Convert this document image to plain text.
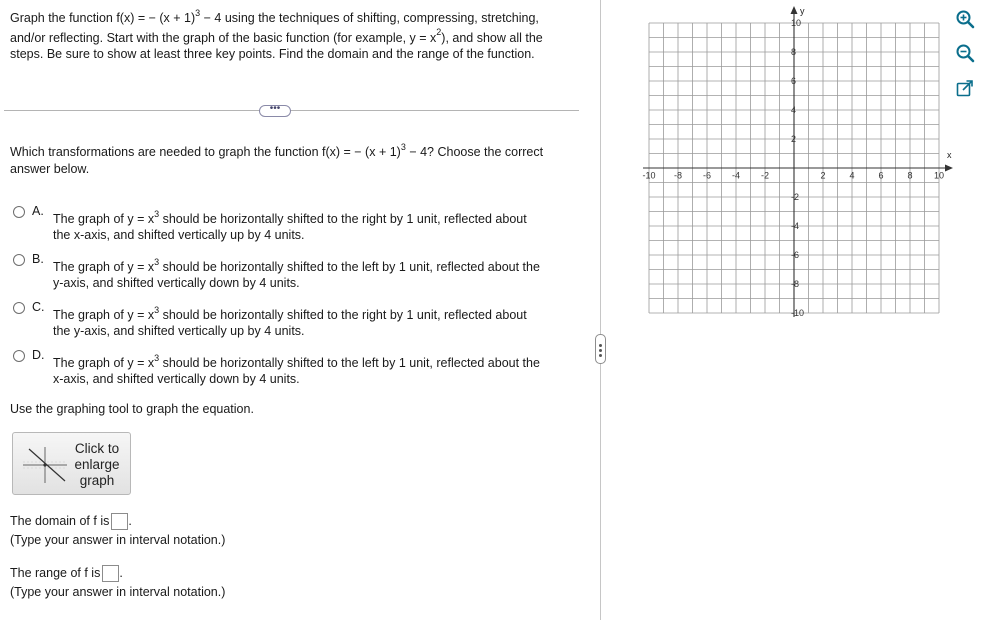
Graph the function f(x) = − $(x + 1)^3 - 4$ using the techniques of shifting, compressing, stretching,

and/or reflecting. Start with the graph of the basic function (for example, $y = x^2$), and show all the

steps. Be sure to show at least three key points. Find the domain and the range of the function.

•••

Which transformations are needed to graph the function f(x) = − $(x + 1)^3 - 4$? Choose the correct

answer below.

A.

The graph of $y = x^3$ should be horizontally shifted to the right by 1 unit, reflected about

the x-axis, and shifted vertically up by 4 units.

B.

The graph of $y = x^3$ should be horizontally shifted to the left by 1 unit, reflected about the

y-axis, and shifted vertically down by 4 units.

C.

The graph of $y = x^3$ should be horizontally shifted to the right by 1 unit, reflected about

the y-axis, and shifted vertically up by 4 units.

D.

The graph of $y = x^3$ should be horizontally shifted to the left by 1 unit, reflected about the

x-axis, and shifted vertically down by 4 units.

Use the graphing tool to graph the equation.
Click to
enlarge
graph
The domain of f is .
(Type your answer in interval notation.)
The range of f is .
(Type your answer in interval notation.)
x
y
-10 -8 -6 -4 -2	2	4	6	8 10
10
8
6
4
2
-2
-4
-6
-8
-10
